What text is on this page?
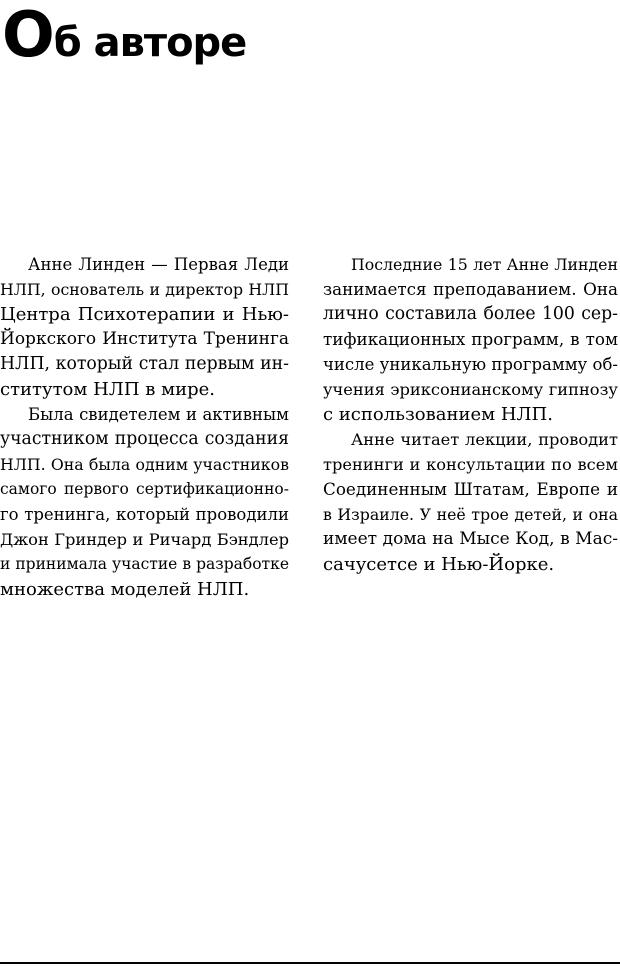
Об авторе

Анне Линден — Первая Леди
НЛП, основатель и директор НЛП
Центра Психотерапии и Нью-
Йоркского Института Тренинга
НЛП, который стал первым ин-
ститутом НЛП в мире.

Была свидетелем и активным
участником процесса создания
НЛП. Она была одним участников
самого первого сертификационно-
го тренинга, который проводили
Джон Гриндер и Ричард Бэндлер
и принимала участие в разработке
множества моделей НЛП.

Последние 15 лет Анне Линден
занимается преподаванием. Она
лично составила более 100 сер-
тификационных программ, в том
числе уникальную программу об-
учения эриксонианскому гипнозу
с использованием НЛП.

Анне читает лекции, проводит
тренинги и консультации по всем
Соединенным Штатам, Европе и
в Израиле. У неё трое детей, и она
имеет дома на Мысе Код, в Мас-
сачусетсе и Нью-Йорке.
